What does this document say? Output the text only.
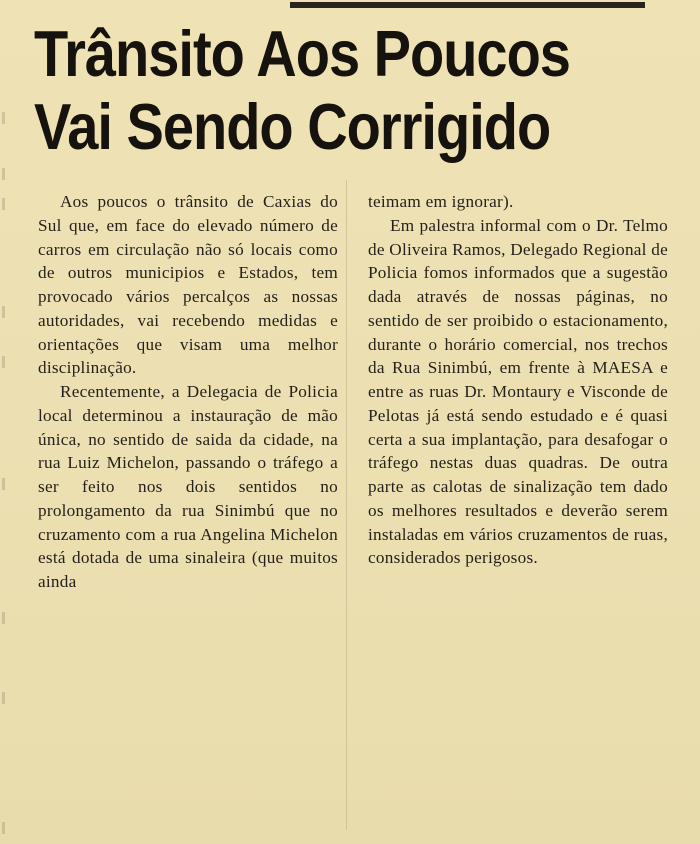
Trânsito Aos Poucos
Vai Sendo Corrigido

Aos poucos o trânsito de Caxias do Sul que, em face do elevado número de carros em circulação não só locais como de outros municipios e Estados, tem provocado vários percalços as nossas autoridades, vai recebendo medidas e orientações que visam uma melhor disciplinação.

Recentemente, a Delegacia de Policia local determinou a instauração de mão única, no sentido de saida da cidade, na rua Luiz Michelon, passando o tráfego a ser feito nos dois sentidos no prolongamento da rua Sinimbú que no cruzamento com a rua Angelina Michelon está dotada de uma sinaleira (que muitos ainda

teimam em ignorar).

Em palestra informal com o Dr. Telmo de Oliveira Ramos, Delegado Regional de Policia fomos informados que a sugestão dada através de nossas páginas, no sentido de ser proibido o estacionamento, durante o horário comercial, nos trechos da Rua Sinimbú, em frente à MAESA e entre as ruas Dr. Montaury e Visconde de Pelotas já está sendo estudado e é quasi certa a sua implantação, para desafogar o tráfego nestas duas quadras. De outra parte as calotas de sinalização tem dado os melhores resultados e deverão serem instaladas em vários cruzamentos de ruas, considerados perigosos.
